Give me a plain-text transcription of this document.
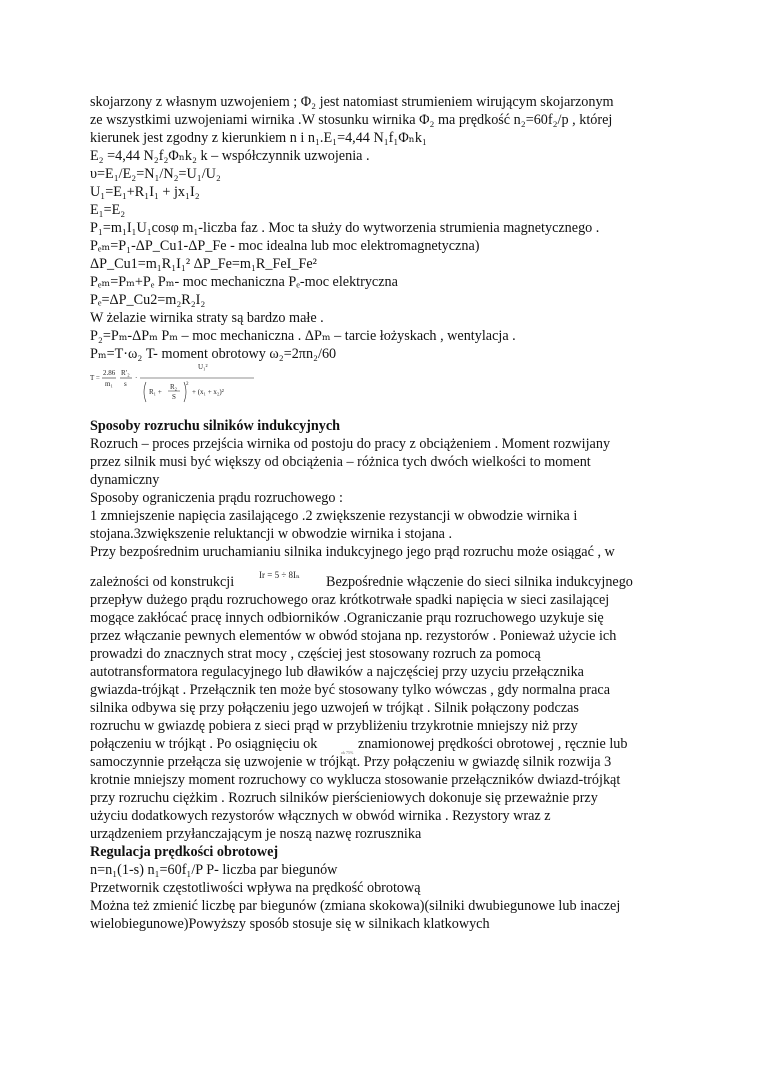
skojarzony z własnym uzwojeniem ; Φ₂ jest natomiast strumieniem wirującym skojarzonym
ze wszystkimi uzwojeniami wirnika .W stosunku wirnika Φ₂ ma prędkość n₂=60f₂/p , której
kierunek jest zgodny z kierunkiem n i n₁.E₁=4,44 N₁f₁Φₙk₁
E₂ =4,44 N₂f₂Φₙk₂ k – współczynnik uzwojenia .
υ=E₁/E₂=N₁/N₂=U₁/U₂
U₁=E₁+R₁I₁ + jx₁I₂
E₁=E₂
P₁=m₁I₁U₁cosφ m₁-liczba faz . Moc ta służy do wytworzenia strumienia magnetycznego .
Pₑₘ=P₁-ΔP_Cu1-ΔP_Fe - moc idealna lub moc elektromagnetyczna)
ΔP_Cu1=m₁R₁I₁² ΔP_Fe=m₁R_FeI_Fe²
Pₑₘ=Pₘ+Pₑ Pₘ- moc mechaniczna Pₑ-moc elektryczna
Pₑ=ΔP_Cu2=m₂R₂I₂
W żelazie wirnika straty są bardzo małe .
P₂=Pₘ-ΔPₘ Pₘ – moc mechaniczna . ΔPₘ – tarcie łożyskach , wentylacja .
Pₘ=T·ω₂ T- moment obrotowy ω₂=2πn₂/60
T =
2.86
m₁
R′₂
s
·
U₁²
R₁ +
R₂
S
2
+ (x₁ + x₂)²
Sposoby rozruchu silników indukcyjnych
Rozruch – proces przejścia wirnika od postoju do pracy z obciążeniem . Moment rozwijany
przez silnik musi być większy od obciążenia – różnica tych dwóch wielkości to moment
dynamiczny
Sposoby ograniczenia prądu rozruchowego :
1 zmniejszenie napięcia zasilającego .2 zwiększenie rezystancji w obwodzie wirnika i
stojana.3zwiększenie reluktancji w obwodzie wirnika i stojana .
Przy bezpośrednim uruchamianiu silnika indukcyjnego jego prąd rozruchu może osiągać , w
zależności od konstrukcji	Ir = 5 ÷ 8Iₙ Bezpośrednie włączenie do sieci silnika indukcyjnego
przepływ dużego prądu rozruchowego oraz krótkotrwałe spadki napięcia w sieci zasilającej
mogące zakłócać pracę innych odbiorników .Ograniczanie prąu rozruchowego uzykuje się
przez włączanie pewnych elementów w obwód stojana np. rezystorów . Ponieważ użycie ich
prowadzi do znacznych strat mocy , częściej jest stosowany rozruch za pomocą
autotransformatora regulacyjnego lub dławików a najczęściej przy uzyciu przełącznika
gwiazda-trójkąt . Przełącznik ten może być stosowany tylko wówczas , gdy normalna praca
silnika odbywa się przy połączeniu jego uzwojeń w trójkąt . Silnik połączony podczas
rozruchu w gwiazdę pobiera z sieci prąd w przybliżeniu trzykrotnie mniejszy niż przy
połączeniu w trójkąt . Po osiągnięciu ok
ok 75%
znamionowej prędkości obrotowej , ręcznie lub
samoczynnie przełącza się uzwojenie w trójkąt. Przy połączeniu w gwiazdę silnik rozwija 3
krotnie mniejszy moment rozruchowy co wyklucza stosowanie przełączników dwiazd-trójkąt
przy rozruchu ciężkim . Rozruch silników pierścieniowych dokonuje się przeważnie przy
użyciu dodatkowych rezystorów włącznych w obwód wirnika . Rezystory wraz z
urządzeniem przyłanczającym je noszą nazwę rozrusznika
Regulacja prędkości obrotowej
n=n₁(1-s) n₁=60f₁/P P- liczba par biegunów
Przetwornik częstotliwości wpływa na prędkość obrotową
Można też zmienić liczbę par biegunów (zmiana skokowa)(silniki dwubiegunowe lub inaczej
wielobiegunowe)Powyższy sposób stosuje się w silnikach klatkowych
